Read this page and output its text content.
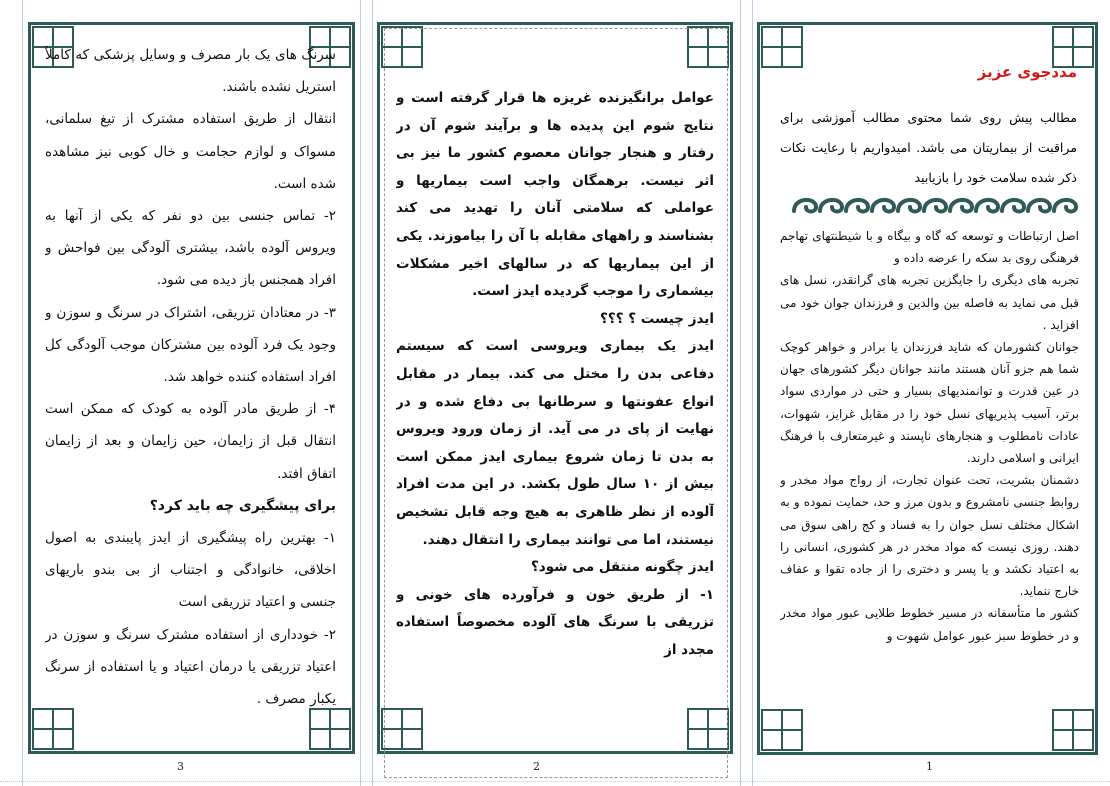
سرنگ های یک بار مصرف و وسایل پزشکی که کاملاً استریل نشده باشند.

انتقال از طریق استفاده مشترک از تیغ سلمانی، مسواک و لوازم حجامت و خال کوبی نیز مشاهده شده است.

۲- تماس جنسی بین دو نفر که یکی از آنها به ویروس آلوده باشد، بیشتری آلودگی بین فواحش و افراد همجنس باز دیده می شود.

۳- در معتادان تزریقی، اشتراک در سرنگ و سوزن و وجود یک فرد آلوده بین مشترکان موجب آلودگی کل افراد استفاده کننده خواهد شد.

۴- از طریق مادر آلوده به کودک که ممکن است انتقال قبل از زایمان، حین زایمان و بعد از زایمان اتفاق افتد.

برای پیشگیری چه باید کرد؟

۱- بهترین راه پیشگیری از ایدز پایبندی به اصول اخلاقی، خانوادگی و اجتناب از بی بندو باریهای جنسی و اعتیاد تزریقی است

۲- خودداری از استفاده مشترک سرنگ و سوزن در اعتیاد تزریقی یا درمان اعتیاد و یا استفاده از سرنگ یکبار مصرف .

3

عوامل برانگیزنده غریزه ها قرار گرفته است و نتایج شوم این پدیده ها و برآیند شوم آن در رفتار و هنجار جوانان معصوم کشور ما نیز بی اثر نیست. برهمگان واجب است بیماریها و عواملی که سلامتی آنان را تهدید می کند بشناسند و راههای مقابله با آن را بیاموزند. یکی از این بیماریها که در سالهای اخیر مشکلات بیشماری را موجب گردیده ایدز است.

ایدز چیست ؟ ؟؟؟

ایدز یک بیماری ویروسی است که سیستم دفاعی بدن را مختل می کند. بیمار در مقابل انواع عفونتها و سرطانها بی دفاع شده و در نهایت از پای در می آید. از زمان ورود ویروس به بدن تا زمان شروع بیماری ایدز ممکن است بیش از ۱۰ سال طول بکشد. در این مدت افراد آلوده از نظر ظاهری به هیچ وجه قابل تشخیص نیستند، اما می توانند بیماری را انتقال دهند.

ایدز چگونه منتقل می شود؟

۱- از طریق خون و فرآورده های خونی و تزریقی با سرنگ های آلوده مخصوصاً استفاده مجدد از

2
مددجوی عزیز
مطالب پیش روی شما محتوی مطالب آموزشی برای مراقبت از بیماریتان می باشد. امیدواریم با رعایت نکات ذکر شده سلامت خود را بازیابید

اصل ارتباطات و توسعه که گاه و بیگاه و با شیطنتهای تهاجم فرهنگی روی بد سکه را عرضه داده و

تجربه های دیگری را جایگزین تجربه های گرانقدر، نسل های قبل می نماید به فاصله بین والدین و فرزندان جوان خود می افزاید .

جوانان کشورمان که شاید فرزندان یا برادر و خواهر کوچک شما هم جزو آنان هستند مانند جوانان دیگر کشورهای جهان در عین قدرت و توانمندیهای بسیار و حتی در مواردی سواد برتر، آسیب پذیریهای نسل خود را در مقابل غرایز، شهوات، عادات نامطلوب و هنجارهای ناپسند و غیرمتعارف با فرهنگ ایرانی و اسلامی دارند.

دشمنان بشریت، تحت عنوان تجارت، از رواج مواد مخدر و روابط جنسی نامشروع و بدون مرز و حد، حمایت نموده و به اشکال مختلف نسل جوان را به فساد و کج راهی سوق می دهند. روزی نیست که مواد مخدر در هر کشوری، انسانی را به اعتیاد نکشد و یا پسر و دختری را از جاده تقوا و عفاف خارج ننماید.

کشور ما متأسفانه در مسیر خطوط طلایی عبور مواد مخدر و در خطوط سبز عبور عوامل شهوت و

1
